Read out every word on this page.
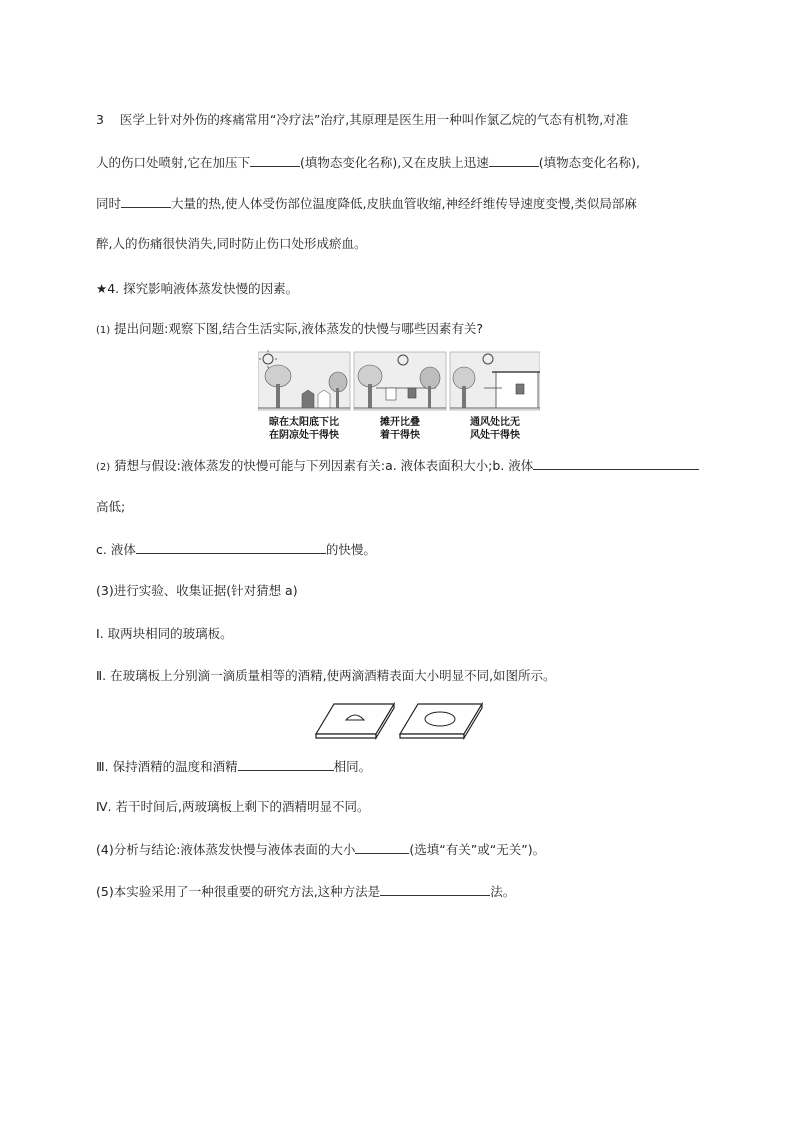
3 医学上针对外伤的疼痛常用“冷疗法”治疗,其原理是医生用一种叫作氯乙烷的气态有机物,对准
人的伤口处喷射,它在加压下	(填物态变化名称),又在皮肤上迅速	(填物态变化名称),
同时	大量的热,使人体受伤部位温度降低,皮肤血管收缩,神经纤维传导速度变慢,类似局部麻
醉,人的伤痛很快消失,同时防止伤口处形成瘀血。
★4. 探究影响液体蒸发快慢的因素。
(1) 提出问题:观察下图,结合生活实际,液体蒸发的快慢与哪些因素有关?
晾在太阳底下比
在阴凉处干得快
摊开比叠
着干得快
通风处比无
风处干得快
(2) 猜想与假设:液体蒸发的快慢可能与下列因素有关:a. 液体表面积大小;b. 液体
高低;
c. 液体	的快慢。
(3)进行实验、收集证据(针对猜想 a)
Ⅰ. 取两块相同的玻璃板。
Ⅱ. 在玻璃板上分别滴一滴质量相等的酒精,使两滴酒精表面大小明显不同,如图所示。
Ⅲ. 保持酒精的温度和酒精	相同。
Ⅳ. 若干时间后,两玻璃板上剩下的酒精明显不同。
(4)分析与结论:液体蒸发快慢与液体表面的大小	(选填“有关”或“无关”)。
(5)本实验采用了一种很重要的研究方法,这种方法是	法。
